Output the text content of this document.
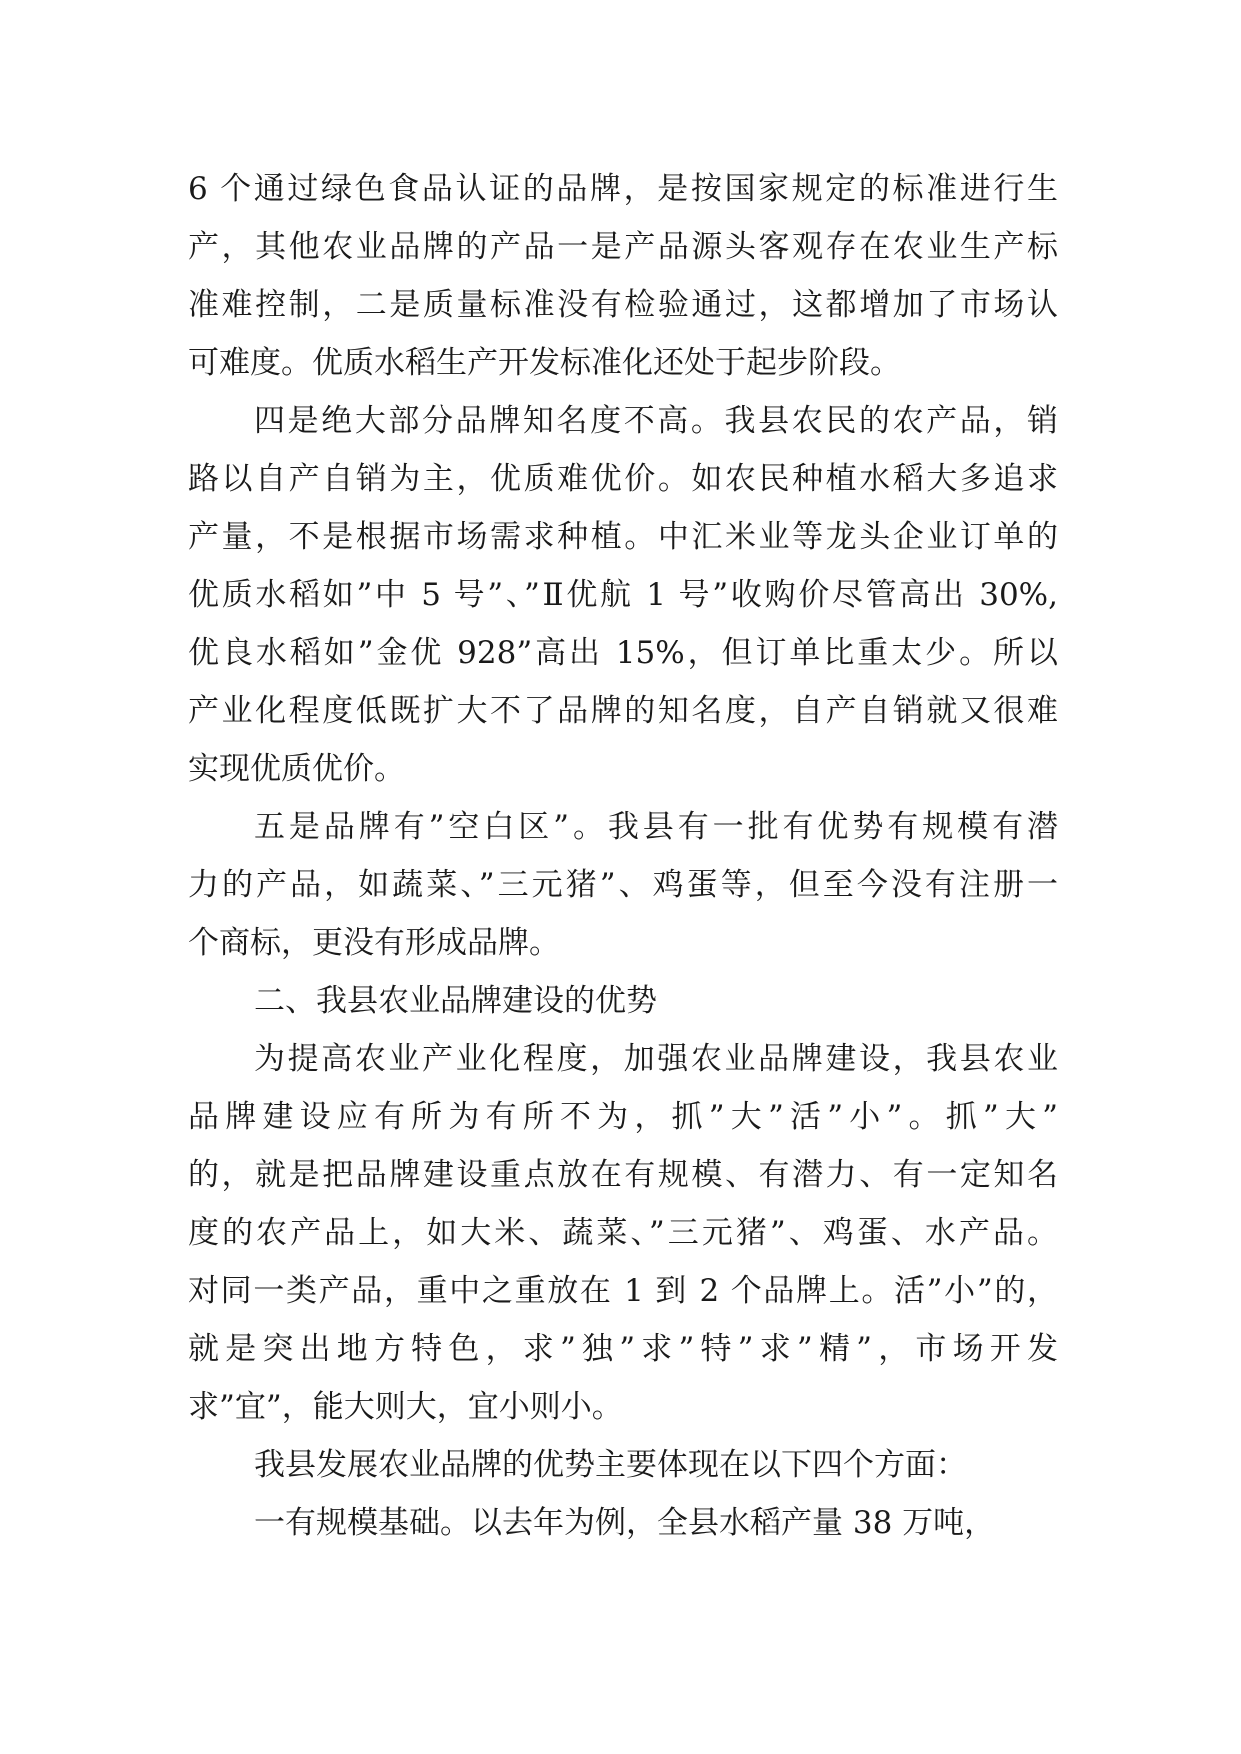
6 个通过绿色食品认证的品牌，是按国家规定的标准进行生
产，其他农业品牌的产品一是产品源头客观存在农业生产标
准难控制，二是质量标准没有检验通过，这都增加了市场认
可难度。优质水稻生产开发标准化还处于起步阶段。
四是绝大部分品牌知名度不高。我县农民的农产品，销
路以自产自销为主，优质难优价。如农民种植水稻大多追求
产量，不是根据市场需求种植。中汇米业等龙头企业订单的
优质水稻如”中 5 号”、”Ⅱ优航 1 号”收购价尽管高出 30%,
优良水稻如”金优 928”高出 15%，但订单比重太少。所以
产业化程度低既扩大不了品牌的知名度，自产自销就又很难
实现优质优价。
五是品牌有”空白区”。我县有一批有优势有规模有潜
力的产品，如蔬菜、”三元猪”、鸡蛋等，但至今没有注册一
个商标，更没有形成品牌。
二、我县农业品牌建设的优势
为提高农业产业化程度，加强农业品牌建设，我县农业
品牌建设应有所为有所不为，抓”大”活”小”。抓”大”
的，就是把品牌建设重点放在有规模、有潜力、有一定知名
度的农产品上，如大米、蔬菜、”三元猪”、鸡蛋、水产品。
对同一类产品，重中之重放在 1 到 2 个品牌上。活”小”的，
就是突出地方特色，求”独”求”特”求”精”，市场开发
求”宜”，能大则大，宜小则小。
我县发展农业品牌的优势主要体现在以下四个方面：
一有规模基础。以去年为例，全县水稻产量 38 万吨，
